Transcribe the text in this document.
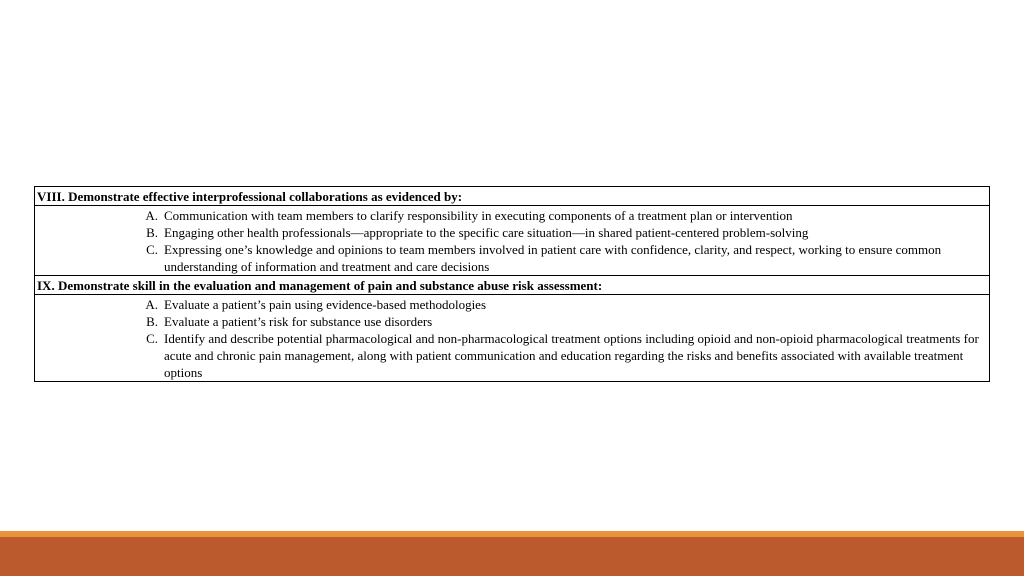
VIII. Demonstrate effective interprofessional collaborations as evidenced by:

A. Communication with team members to clarify responsibility in executing components of a treatment plan or intervention
B. Engaging other health professionals—appropriate to the specific care situation—in shared patient-centered problem-solving
C. Expressing one’s knowledge and opinions to team members involved in patient care with confidence, clarity, and respect, working to ensure common understanding of information and treatment and care decisions

IX. Demonstrate skill in the evaluation and management of pain and substance abuse risk assessment:

A. Evaluate a patient’s pain using evidence-based methodologies
B. Evaluate a patient’s risk for substance use disorders
C. Identify and describe potential pharmacological and non-pharmacological treatment options including opioid and non-opioid pharmacological treatments for acute and chronic pain management, along with patient communication and education regarding the risks and benefits associated with available treatment options
